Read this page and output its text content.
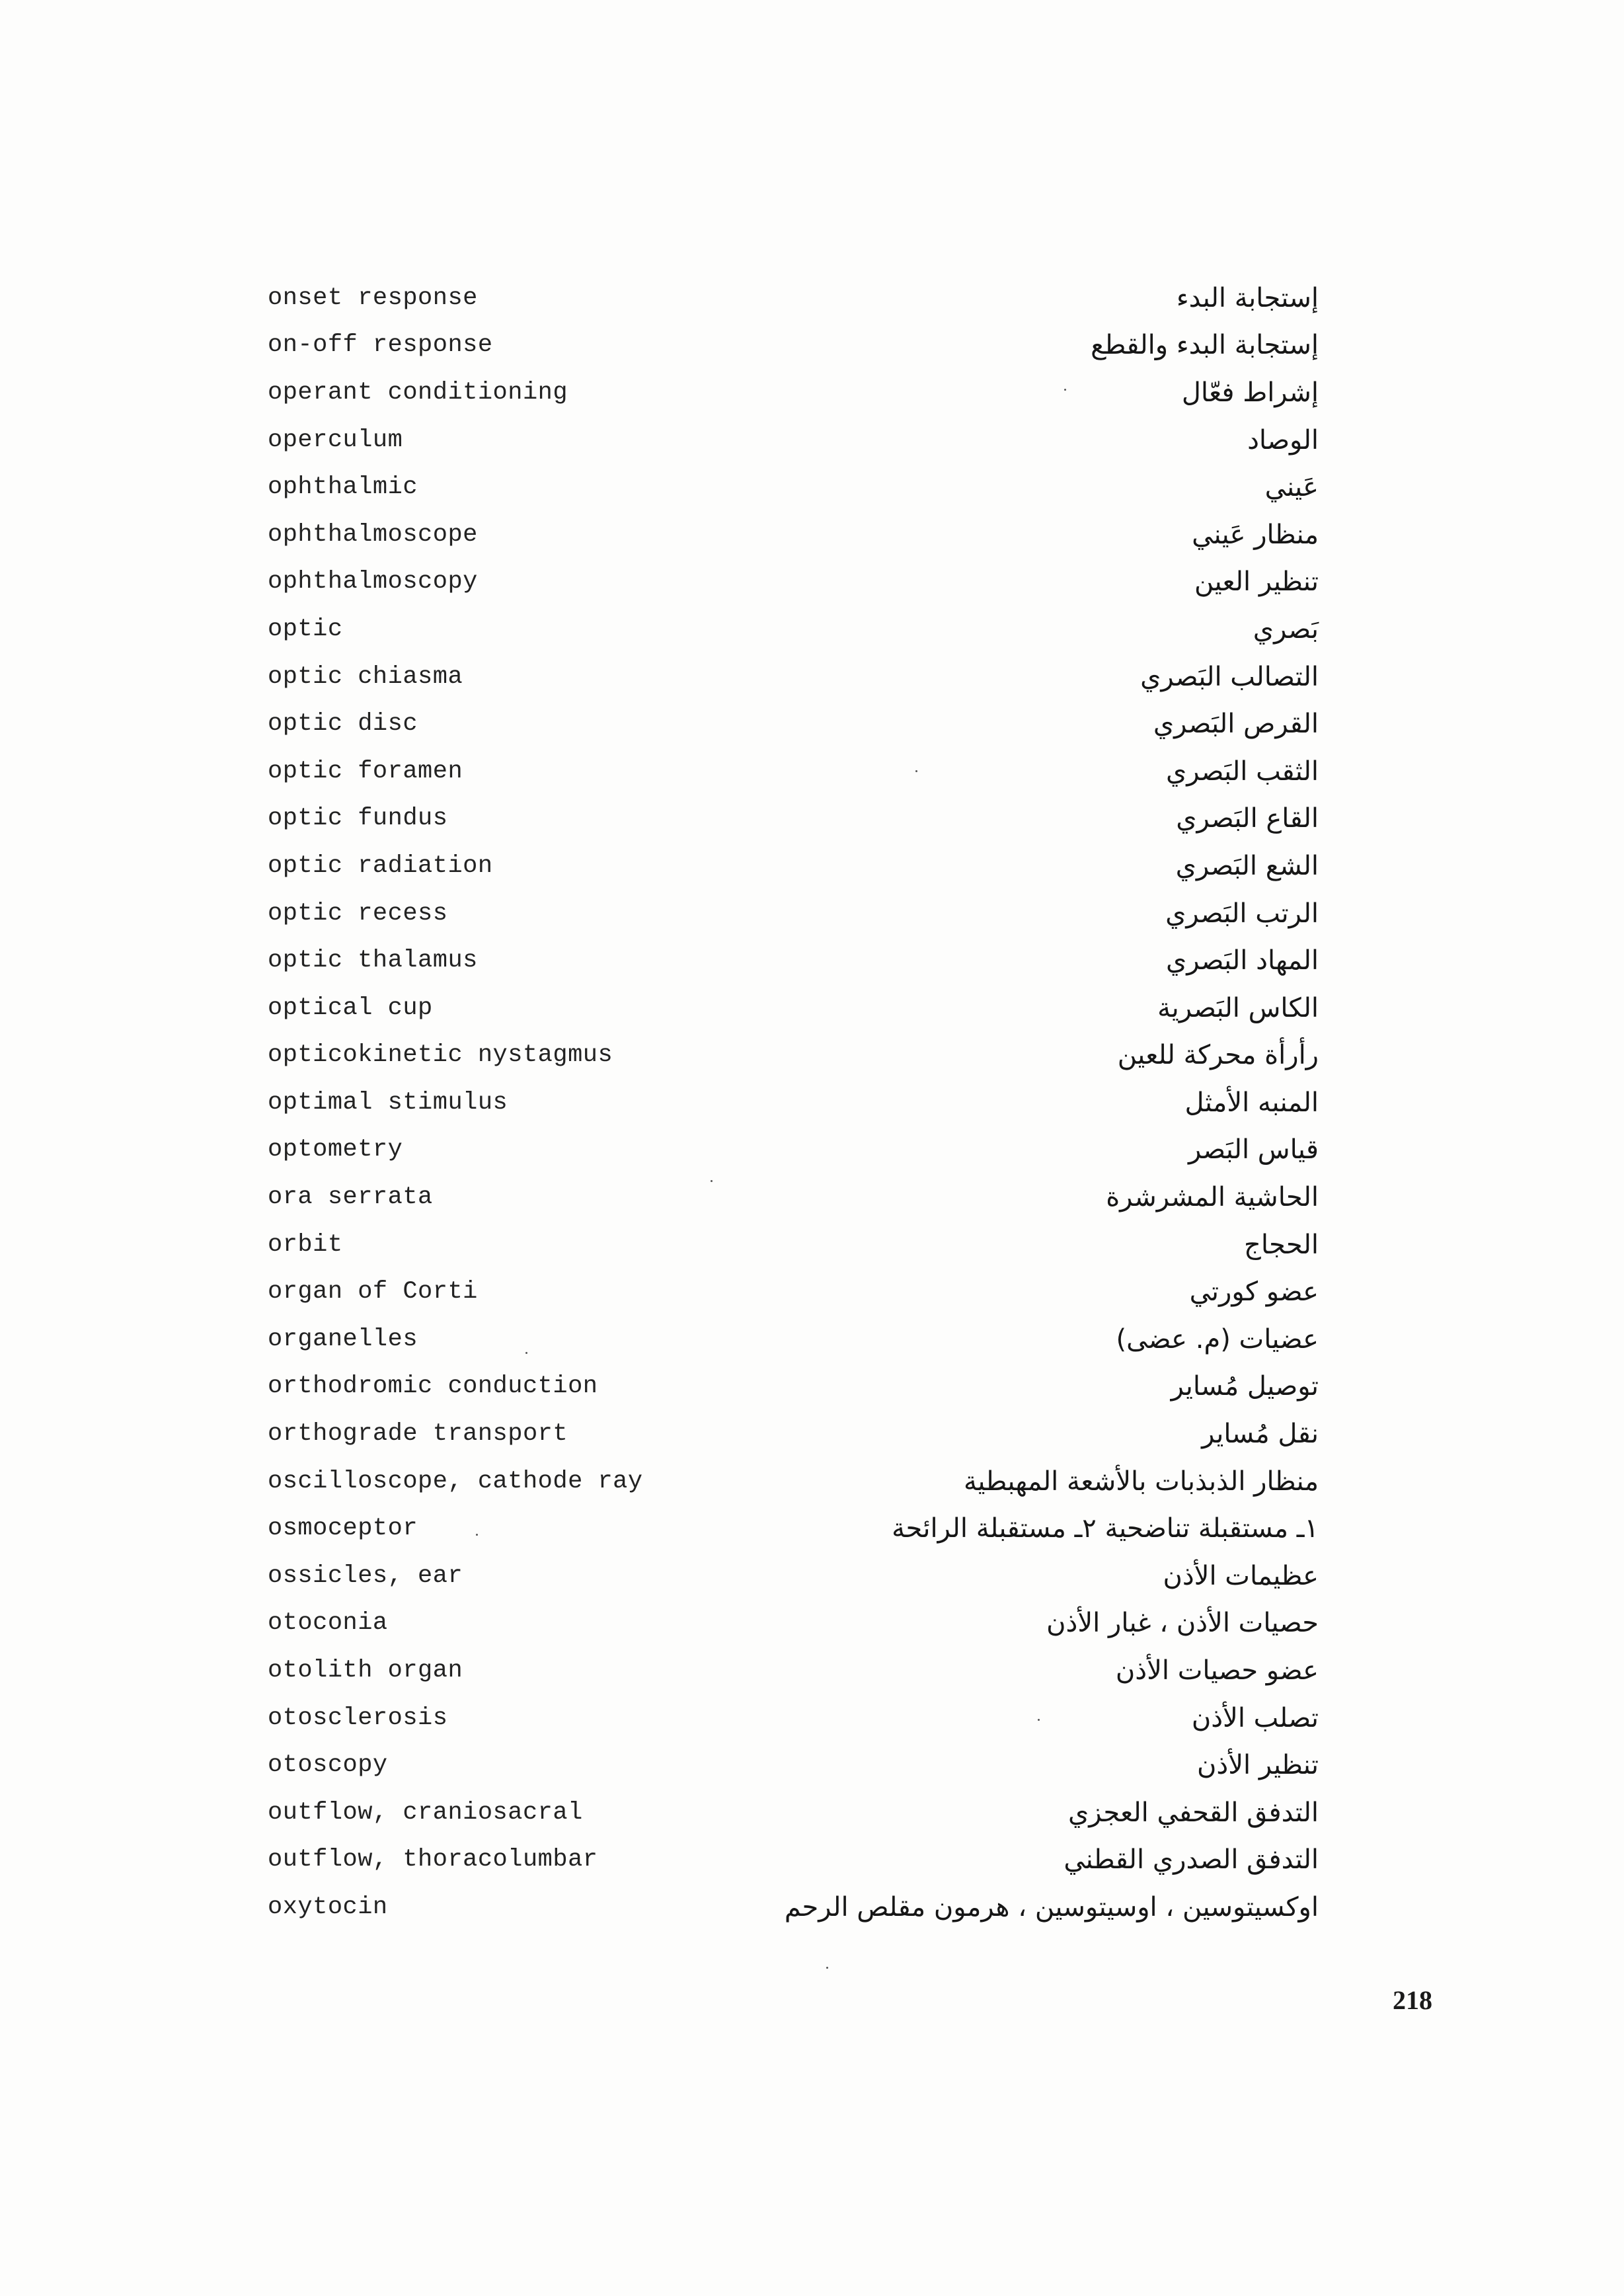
onset response	إستجابة البدء
on-off response	إستجابة البدء والقطع
operant conditioning	إشراط فعّال
operculum	الوصاد
ophthalmic	عَيني
ophthalmoscope	منظار عَيني
ophthalmoscopy	تنظير العين
optic	بَصري
optic chiasma	التصالب البَصري
optic disc	القرص البَصري
optic foramen	الثقب البَصري
optic fundus	القاع البَصري
optic radiation	الشع البَصري
optic recess	الرتب البَصري
optic thalamus	المهاد البَصري
optical cup	الكاس البَصرية
opticokinetic nystagmus	رأرأة محركة للعين
optimal stimulus	المنبه الأمثل
optometry	قياس البَصر
ora serrata	الحاشية المشرشرة
orbit	الحجاج
organ of Corti	عضو كورتي
organelles	عضيات (م. عضى)
orthodromic conduction	توصيل مُساير
orthograde transport	نقل مُساير
oscilloscope, cathode ray	منظار الذبذبات بالأشعة المهبطية
osmoceptor	١ـ مستقبلة تناضحية ٢ـ مستقبلة الرائحة
ossicles, ear	عظيمات الأذن
otoconia	حصيات الأذن ، غبار الأذن
otolith organ	عضو حصيات الأذن
otosclerosis	تصلب الأذن
otoscopy	تنظير الأذن
outflow, craniosacral	التدفق القحفي العجزي
outflow, thoracolumbar	التدفق الصدري القطني
oxytocin	اوكسيتوسين ، اوسيتوسين ، هرمون مقلص الرحم
218
